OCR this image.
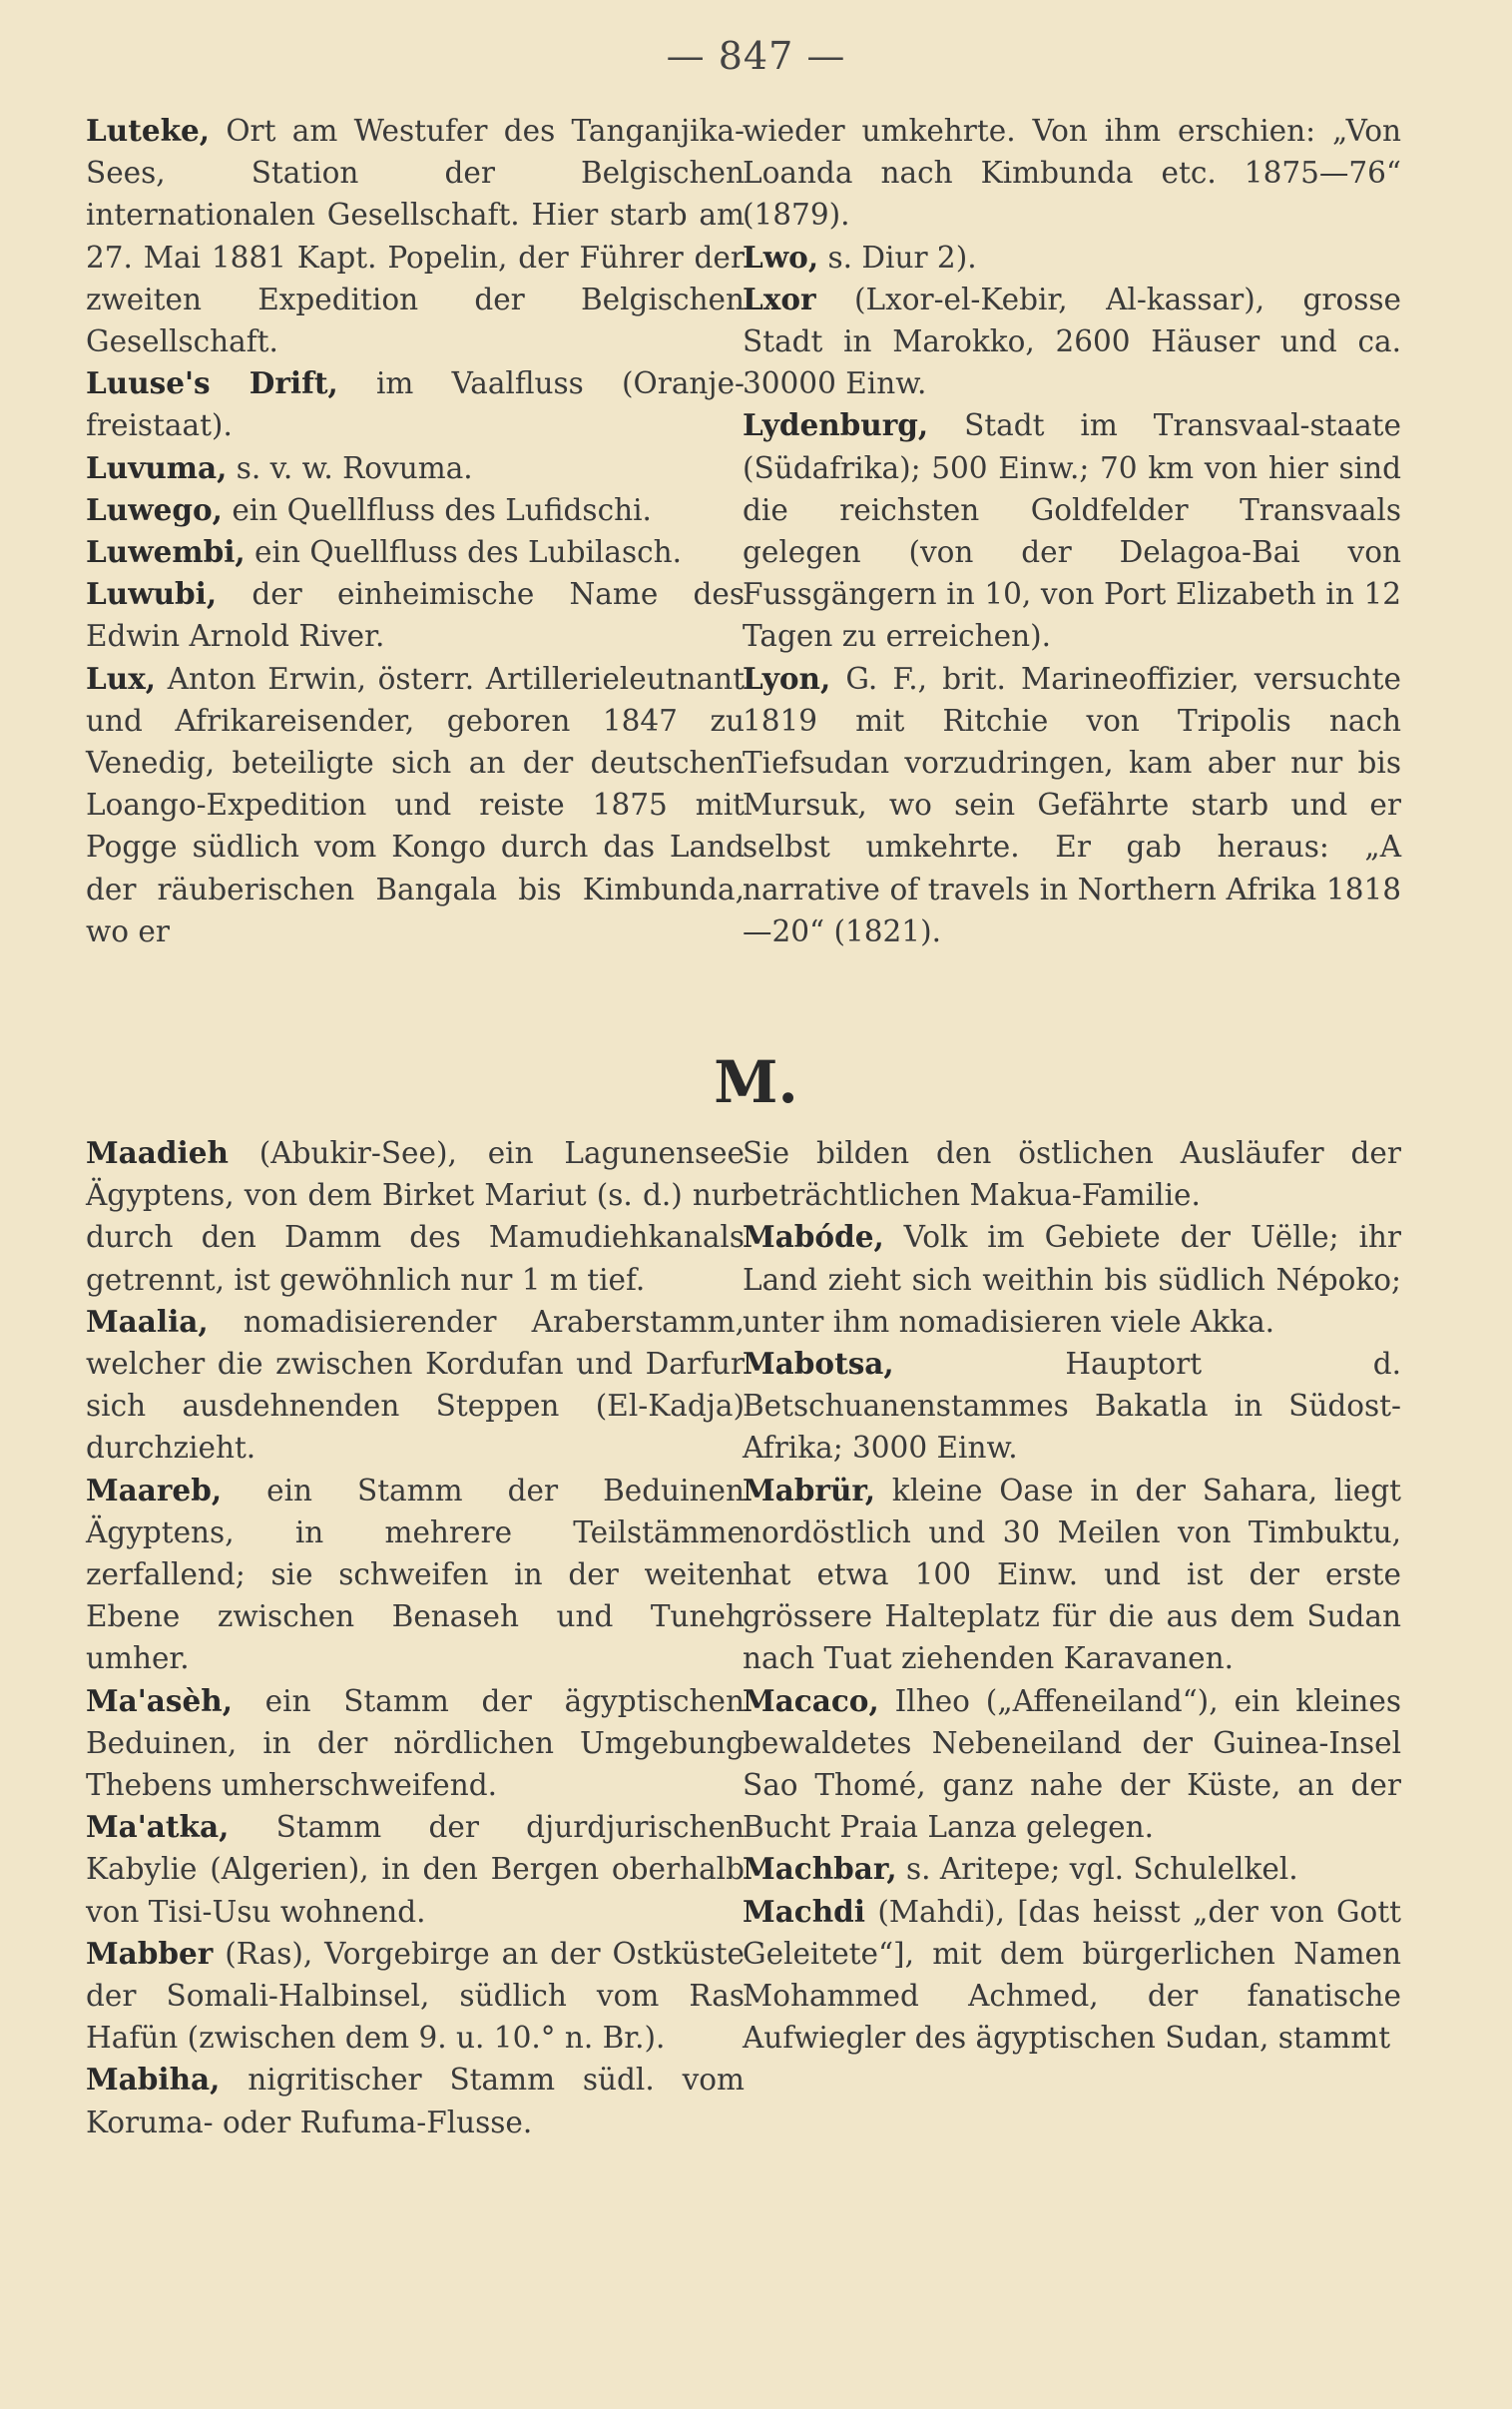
— 847 —

Luteke, Ort am Westufer des Tanganjika-Sees, Station der Belgischen internationalen Gesellschaft. Hier starb am 27. Mai 1881 Kapt. Popelin, der Führer der zweiten Expedition der Belgischen Gesellschaft.

Luuse's Drift, im Vaalfluss (Oranje-freistaat).

Luvuma, s. v. w. Rovuma.

Luwego, ein Quellfluss des Lufidschi.

Luwembi, ein Quellfluss des Lubilasch.

Luwubi, der einheimische Name des Edwin Arnold River.

Lux, Anton Erwin, österr. Artillerieleutnant und Afrikareisender, geboren 1847 zu Venedig, beteiligte sich an der deutschen Loango-Expedition und reiste 1875 mit Pogge südlich vom Kongo durch das Land der räuberischen Bangala bis Kimbunda, wo er

wieder umkehrte. Von ihm erschien: „Von Loanda nach Kimbunda etc. 1875—76“ (1879).

Lwo, s. Diur 2).

Lxor (Lxor-el-Kebir, Al-kassar), grosse Stadt in Marokko, 2600 Häuser und ca. 30000 Einw.

Lydenburg, Stadt im Transvaal-staate (Südafrika); 500 Einw.; 70 km von hier sind die reichsten Goldfelder Transvaals gelegen (von der Delagoa-Bai von Fussgängern in 10, von Port Elizabeth in 12 Tagen zu erreichen).

Lyon, G. F., brit. Marineoffizier, versuchte 1819 mit Ritchie von Tripolis nach Tiefsudan vorzudringen, kam aber nur bis Mursuk, wo sein Gefährte starb und er selbst umkehrte. Er gab heraus: „A narrative of travels in Northern Afrika 1818—20“ (1821).

M.

Maadieh (Abukir-See), ein Lagunensee Ägyptens, von dem Birket Mariut (s. d.) nur durch den Damm des Mamudiehkanals getrennt, ist gewöhnlich nur 1 m tief.

Maalia, nomadisierender Araberstamm, welcher die zwischen Kordufan und Darfur sich ausdehnenden Steppen (El-Kadja) durchzieht.

Maareb, ein Stamm der Beduinen Ägyptens, in mehrere Teilstämme zerfallend; sie schweifen in der weiten Ebene zwischen Benaseh und Tuneh umher.

Ma'asèh, ein Stamm der ägyptischen Beduinen, in der nördlichen Umgebung Thebens umherschweifend.

Ma'atka, Stamm der djurdjurischen Kabylie (Algerien), in den Bergen oberhalb von Tisi-Usu wohnend.

Mabber (Ras), Vorgebirge an der Ostküste der Somali-Halbinsel, südlich vom Ras Hafün (zwischen dem 9. u. 10.° n. Br.).

Mabiha, nigritischer Stamm südl. vom Koruma- oder Rufuma-Flusse.

Sie bilden den östlichen Ausläufer der beträchtlichen Makua-Familie.

Mabóde, Volk im Gebiete der Uëlle; ihr Land zieht sich weithin bis südlich Népoko; unter ihm nomadisieren viele Akka.

Mabotsa, Hauptort d. Betschuanenstammes Bakatla in Südost-Afrika; 3000 Einw.

Mabrür, kleine Oase in der Sahara, liegt nordöstlich und 30 Meilen von Timbuktu, hat etwa 100 Einw. und ist der erste grössere Halteplatz für die aus dem Sudan nach Tuat ziehenden Karavanen.

Macaco, Ilheo („Affeneiland“), ein kleines bewaldetes Nebeneiland der Guinea-Insel Sao Thomé, ganz nahe der Küste, an der Bucht Praia Lanza gelegen.

Machbar, s. Aritepe; vgl. Schulelkel.

Machdi (Mahdi), [das heisst „der von Gott Geleitete“], mit dem bürgerlichen Namen Mohammed Achmed, der fanatische Aufwiegler des ägyptischen Sudan, stammt
